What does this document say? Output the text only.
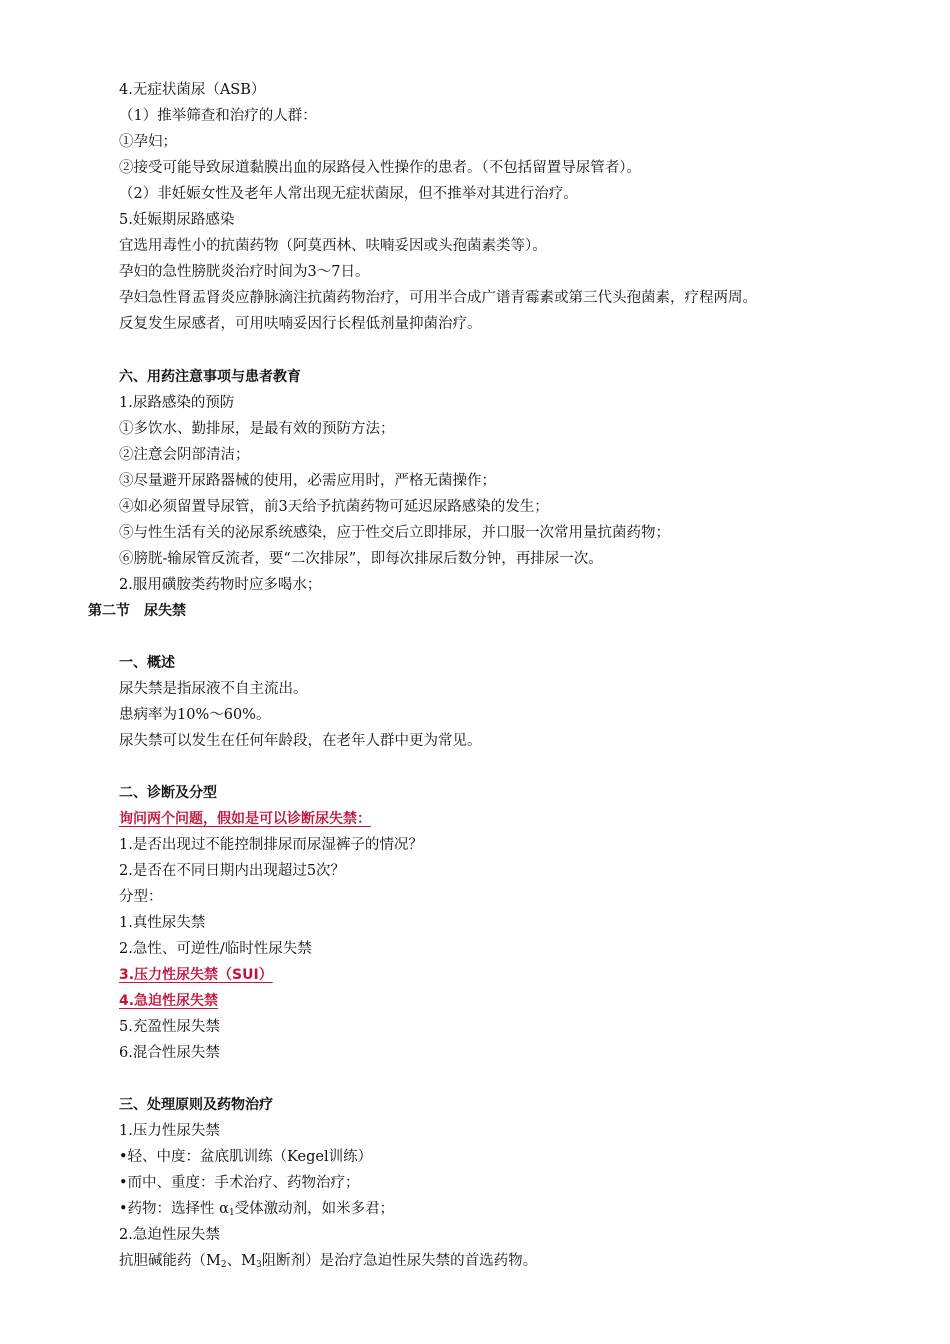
4.无症状菌尿（ASB）
（1）推举筛查和治疗的人群：
①孕妇；
②接受可能导致尿道黏膜出血的尿路侵入性操作的患者。（不包括留置导尿管者）。
（2）非妊娠女性及老年人常出现无症状菌尿，但不推举对其进行治疗。
5.妊娠期尿路感染
宜选用毒性小的抗菌药物（阿莫西林、呋喃妥因或头孢菌素类等）。
孕妇的急性膀胱炎治疗时间为3～7日。
孕妇急性肾盂肾炎应静脉滴注抗菌药物治疗，可用半合成广谱青霉素或第三代头孢菌素，疗程两周。
反复发生尿感者，可用呋喃妥因行长程低剂量抑菌治疗。
六、用药注意事项与患者教育
1.尿路感染的预防
①多饮水、勤排尿，是最有效的预防方法；
②注意会阴部清洁；
③尽量避开尿路器械的使用，必需应用时，严格无菌操作；
④如必须留置导尿管，前3天给予抗菌药物可延迟尿路感染的发生；
⑤与性生活有关的泌尿系统感染，应于性交后立即排尿，并口服一次常用量抗菌药物；
⑥膀胱-输尿管反流者，要“二次排尿”，即每次排尿后数分钟，再排尿一次。
2.服用磺胺类药物时应多喝水；
第二节　尿失禁
一、概述
尿失禁是指尿液不自主流出。
患病率为10%～60%。
尿失禁可以发生在任何年龄段，在老年人群中更为常见。
二、诊断及分型
询问两个问题，假如是可以诊断尿失禁：
1.是否出现过不能控制排尿而尿湿裤子的情况？
2.是否在不同日期内出现超过5次？
分型：
1.真性尿失禁
2.急性、可逆性/临时性尿失禁
3.压力性尿失禁（SUI）
4.急迫性尿失禁
5.充盈性尿失禁
6.混合性尿失禁
三、处理原则及药物治疗
1.压力性尿失禁
•轻、中度：盆底肌训练（Kegel训练）
•而中、重度：手术治疗、药物治疗；
•药物：选择性 $\alpha_1$受体激动剂，如米多君；
2.急迫性尿失禁
抗胆碱能药（$M_2$、$M_3$阻断剂）是治疗急迫性尿失禁的首选药物。
